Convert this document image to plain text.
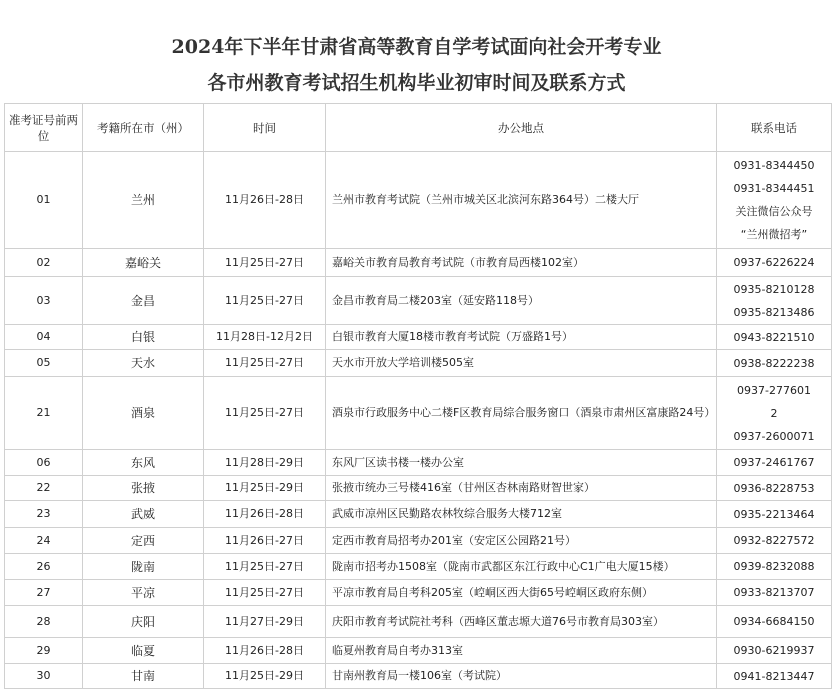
2024年下半年甘肃省高等教育自学考试面向社会开考专业
各市州教育考试招生机构毕业初审时间及联系方式
准考证号前两位	考籍所在市（州）	时间	办公地点	联系电话
01	兰州	11月26日-28日	兰州市教育考试院（兰州市城关区北滨河东路364号）二楼大厅	0931-8344450
0931-8344451
关注微信公众号
“兰州微招考”

02	嘉峪关	11月25日-27日	嘉峪关市教育局教育考试院（市教育局西楼102室）	0937-6226224

03	金昌	11月25日-27日	金昌市教育局二楼203室（延安路118号）	0935-8210128
0935-8213486

04	白银	11月28日-12月2日	白银市教育大厦18楼市教育考试院（万盛路1号）	0943-8221510

05	天水	11月25日-27日	天水市开放大学培训楼505室	0938-8222238

21	酒泉	11月25日-27日	酒泉市行政服务中心二楼F区教育局综合服务窗口（酒泉市肃州区富康路24号）	0937-277601
2
0937-2600071

06	东风	11月28日-29日	东风厂区读书楼一楼办公室	0937-2461767

22	张掖	11月25日-29日	张掖市统办三号楼416室（甘州区杏林南路财智世家）	0936-8228753

23	武威	11月26日-28日	武威市凉州区民勤路农林牧综合服务大楼712室	0935-2213464

24	定西	11月26日-27日	定西市教育局招考办201室（安定区公园路21号）	0932-8227572

26	陇南	11月25日-27日	陇南市招考办1508室（陇南市武都区东江行政中心C1广电大厦15楼）	0939-8232088

27	平凉	11月25日-27日	平凉市教育局自考科205室（崆峒区西大街65号崆峒区政府东侧）	0933-8213707

28	庆阳	11月27日-29日	庆阳市教育考试院社考科（西峰区董志塬大道76号市教育局303室）	0934-6684150

29	临夏	11月26日-28日	临夏州教育局自考办313室	0930-6219937

30	甘南	11月25日-29日	甘南州教育局一楼106室（考试院）	0941-8213447
